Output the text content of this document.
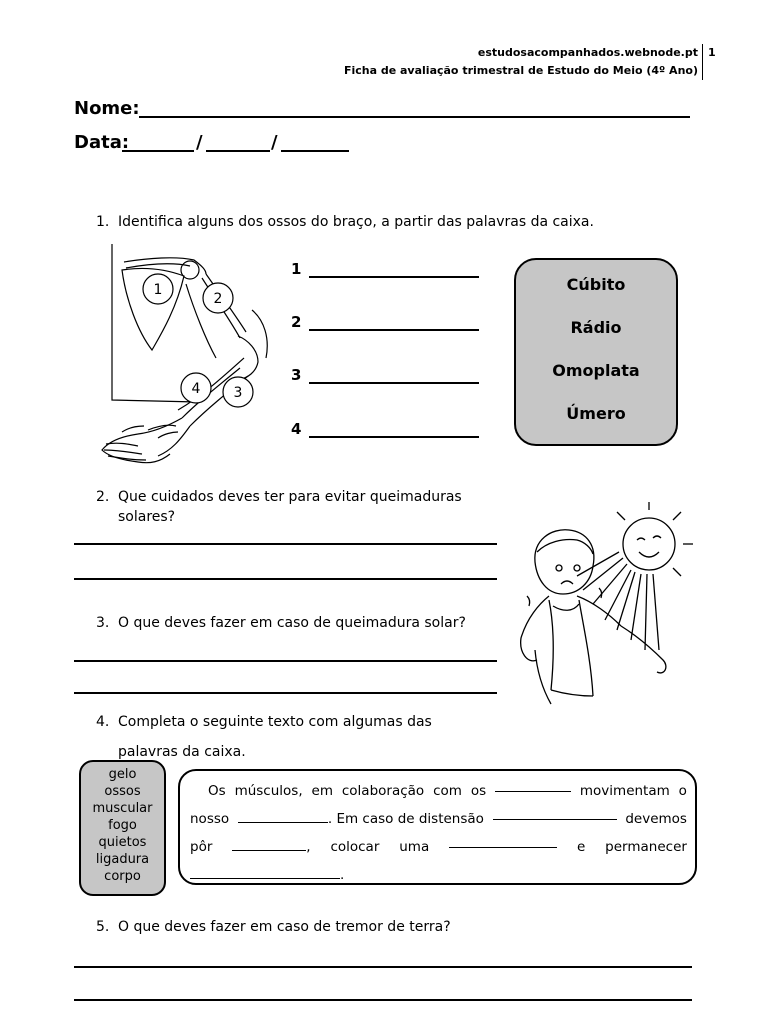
estudosacompanhados.webnode.pt
Ficha de avaliação trimestral de Estudo do Meio (4º Ano)
1
Nome:
Data:	/	/
1. Identifica alguns dos ossos do braço, a partir das palavras da caixa.
1
2
4 3
1
2
3
4
Cúbito
Rádio
Omoplata
Úmero
2. Que cuidados deves ter para evitar queimaduras
solares?
3. O que deves fazer em caso de queimadura solar?
4. Completa o seguinte texto com algumas das
palavras da caixa.
gelo
ossos
muscular
fogo
quietos
ligadura
corpo
Os músculos, em colaboração com os	movimentam o
nosso	. Em caso de distensão	devemos
pôr	, colocar uma	e permanecer
.
5. O que deves fazer em caso de tremor de terra?
